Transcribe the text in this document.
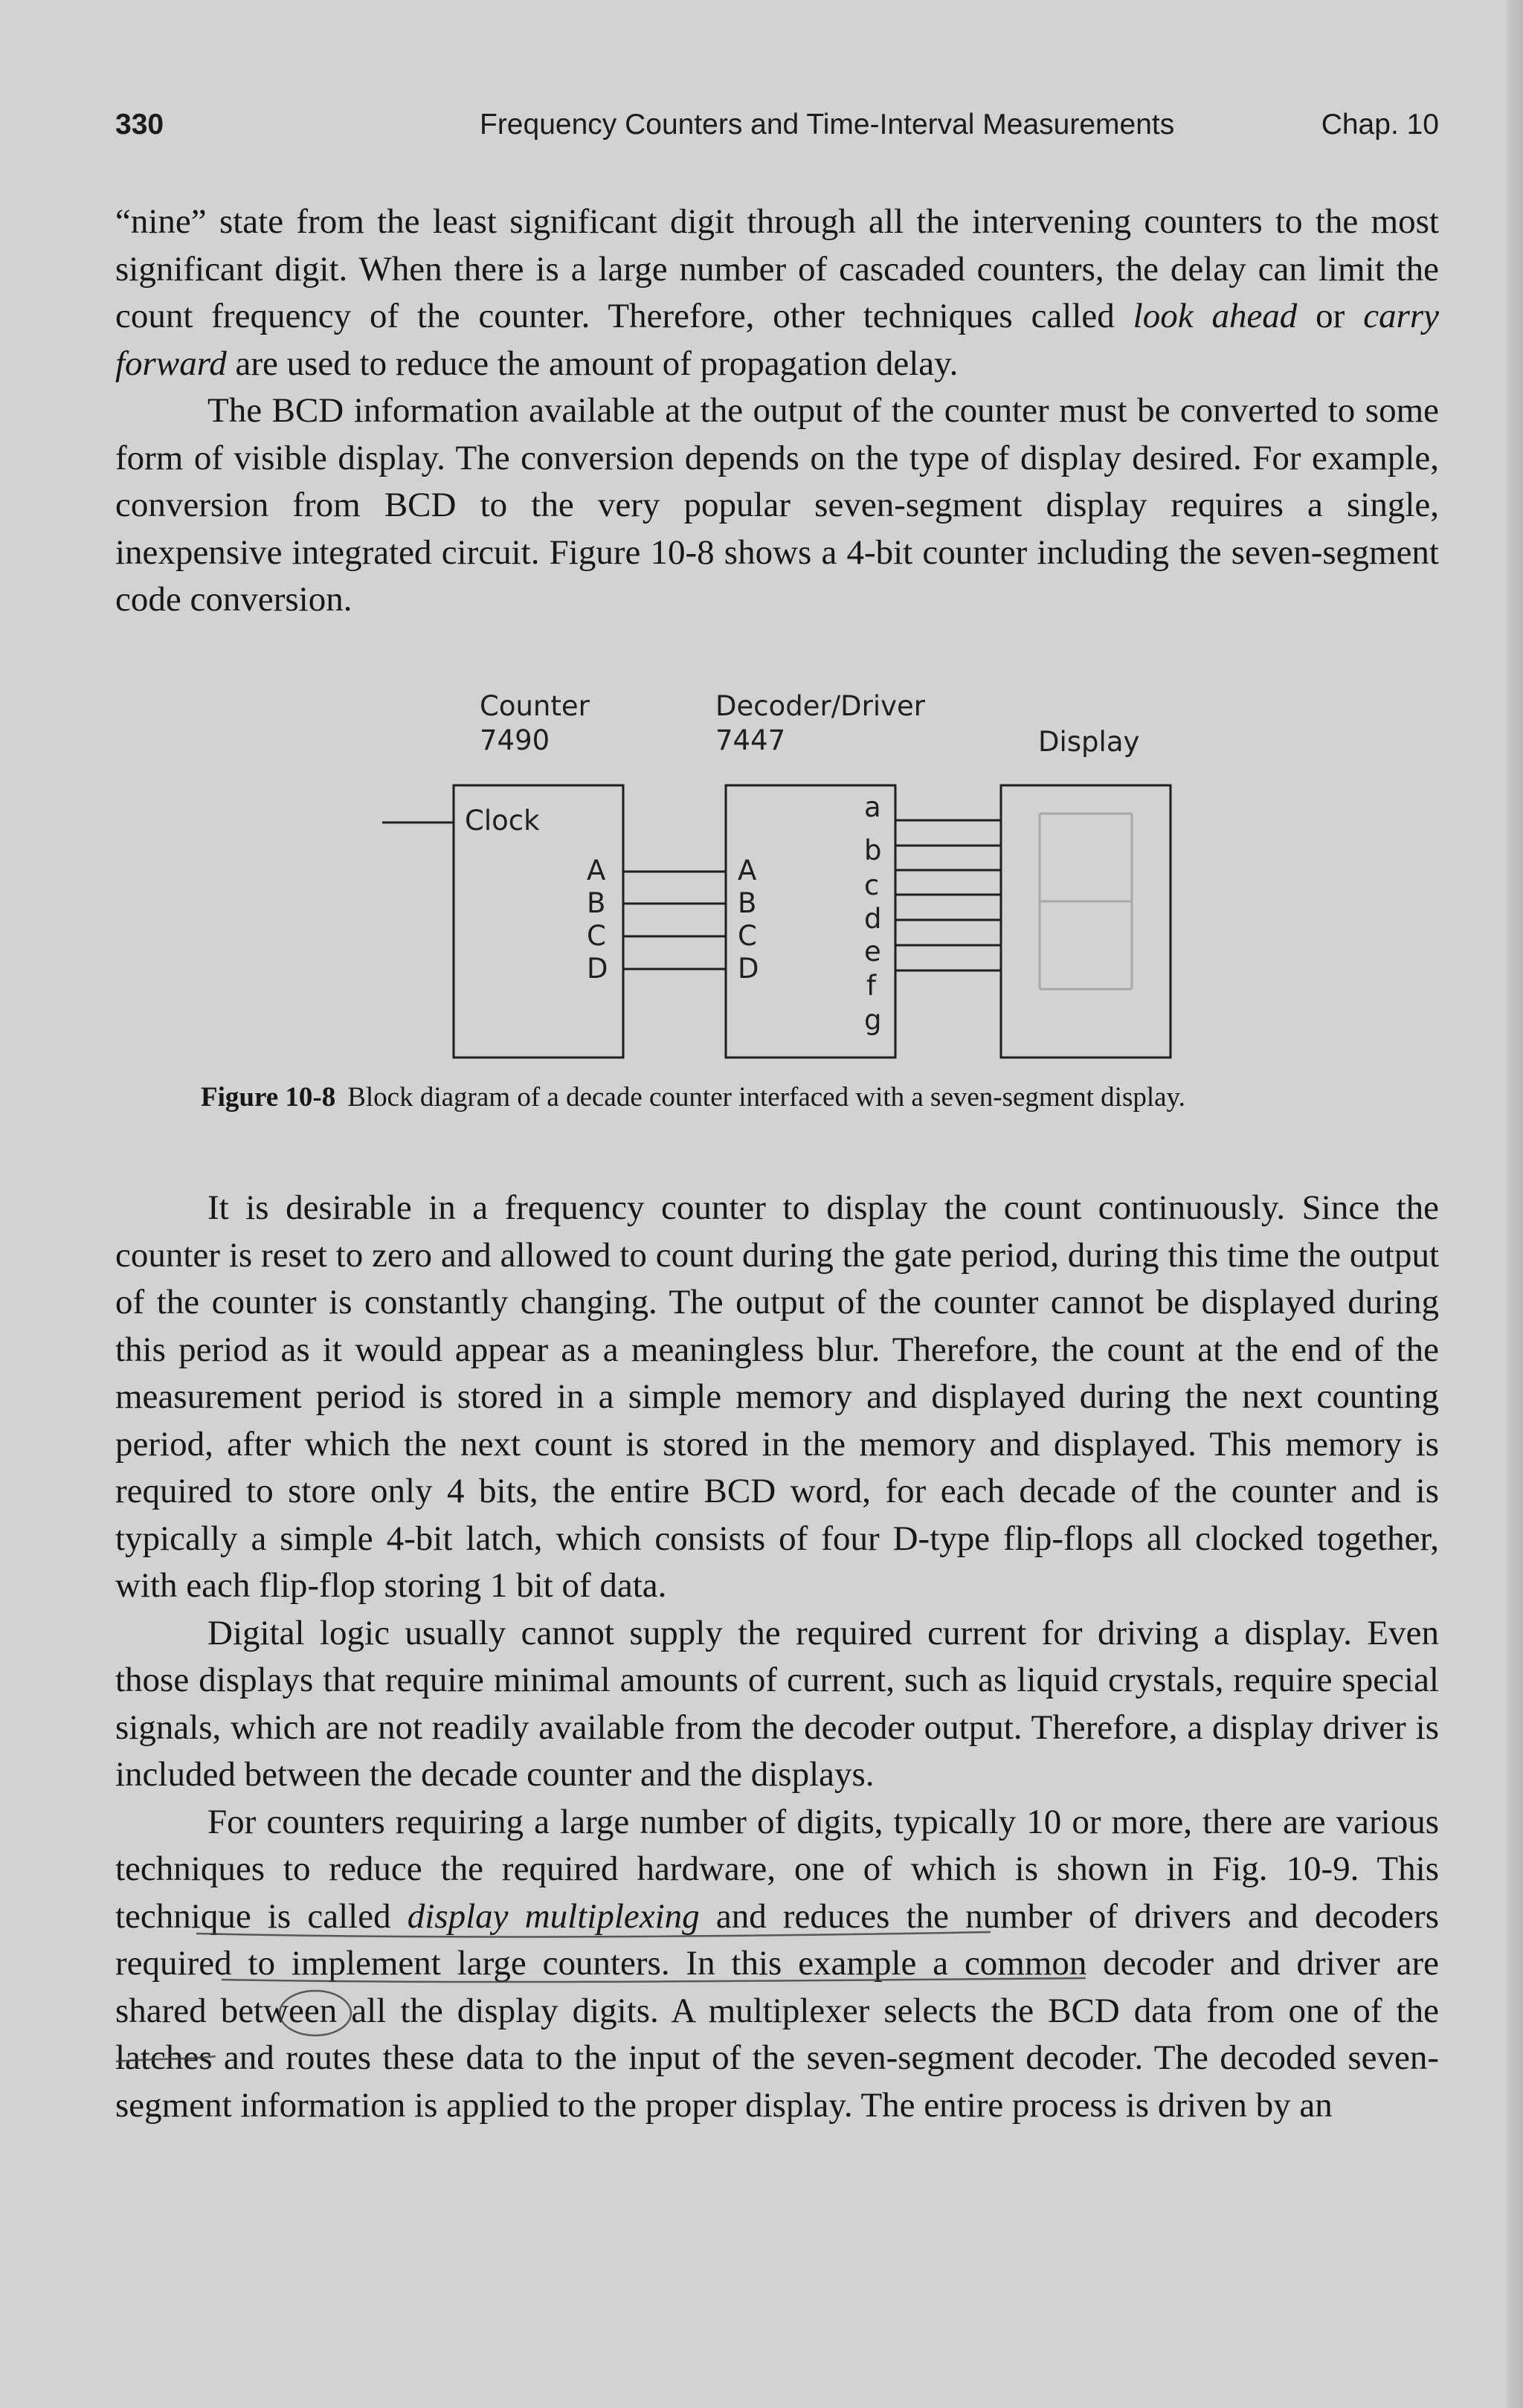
330	Frequency Counters and Time-Interval Measurements	Chap. 10

“nine” state from the least significant digit through all the intervening counters to the most significant digit. When there is a large number of cascaded counters, the delay can limit the count frequency of the counter. Therefore, other techniques called look ahead or carry forward are used to reduce the amount of propagation delay.

The BCD information available at the output of the counter must be converted to some form of visible display. The conversion depends on the type of display desired. For example, conversion from BCD to the very popular seven-segment display requires a single, inexpensive integrated circuit. Figure 10-8 shows a 4-bit counter including the seven-segment code conversion.

Counter
7490
Decoder/Driver
7447	Display
Clock
A
B
C
D
A
B
C
D
a
b
c
d
e
f
g
Figure 10-8 Block diagram of a decade counter interfaced with a seven-segment display.

It is desirable in a frequency counter to display the count continuously. Since the counter is reset to zero and allowed to count during the gate period, during this time the output of the counter is constantly changing. The output of the counter cannot be displayed during this period as it would appear as a meaningless blur. Therefore, the count at the end of the measurement period is stored in a simple memory and displayed during the next counting period, after which the next count is stored in the memory and displayed. This memory is required to store only 4 bits, the entire BCD word, for each decade of the counter and is typically a simple 4-bit latch, which consists of four D-type flip-flops all clocked together, with each flip-flop storing 1 bit of data.

Digital logic usually cannot supply the required current for driving a display. Even those displays that require minimal amounts of current, such as liquid crystals, require special signals, which are not readily available from the decoder output. Therefore, a display driver is included between the decade counter and the displays.

For counters requiring a large number of digits, typically 10 or more, there are various techniques to reduce the required hardware, one of which is shown in Fig. 10-9. This technique is called display multiplexing and reduces the number of drivers and decoders required to implement large counters. In this example a common decoder and driver are shared between all the display digits. A multiplexer selects the BCD data from one of the latches and routes these data to the input of the seven-segment decoder. The decoded seven-segment information is applied to the proper display. The entire process is driven by an
